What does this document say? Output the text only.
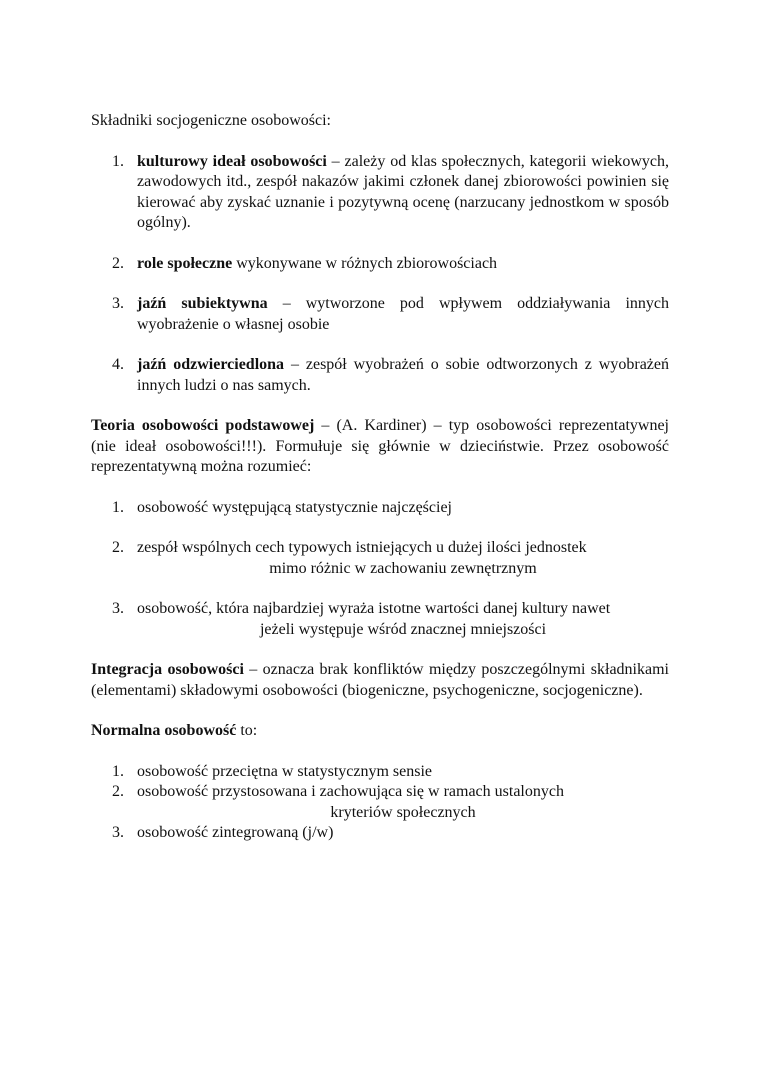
Składniki socjogeniczne osobowości:

1. kulturowy ideał osobowości – zależy od klas społecznych, kategorii wiekowych, zawodowych itd., zespół nakazów jakimi członek danej zbiorowości powinien się kierować aby zyskać uznanie i pozytywną ocenę (narzucany jednostkom w sposób ogólny).
2. role społeczne wykonywane w różnych zbiorowościach
3. jaźń subiektywna – wytworzone pod wpływem oddziaływania innych wyobrażenie o własnej osobie
4. jaźń odzwierciedlona – zespół wyobrażeń o sobie odtworzonych z wyobrażeń innych ludzi o nas samych.

Teoria osobowości podstawowej – (A. Kardiner) – typ osobowości reprezentatywnej (nie ideał osobowości!!!). Formułuje się głównie w dzieciństwie. Przez osobowość reprezentatywną można rozumieć:

1. osobowość występującą statystycznie najczęściej
2. zespół wspólnych cech typowych istniejących u dużej ilości jednostek
mimo różnic w zachowaniu zewnętrznym
3. osobowość, która najbardziej wyraża istotne wartości danej kultury nawet
jeżeli występuje wśród znacznej mniejszości

Integracja osobowości – oznacza brak konfliktów między poszczególnymi składnikami (elementami) składowymi osobowości (biogeniczne, psychogeniczne, socjogeniczne).

Normalna osobowość to:

1. osobowość przeciętna w statystycznym sensie
2. osobowość przystosowana i zachowująca się w ramach ustalonych
kryteriów społecznych
3. osobowość zintegrowaną (j/w)
